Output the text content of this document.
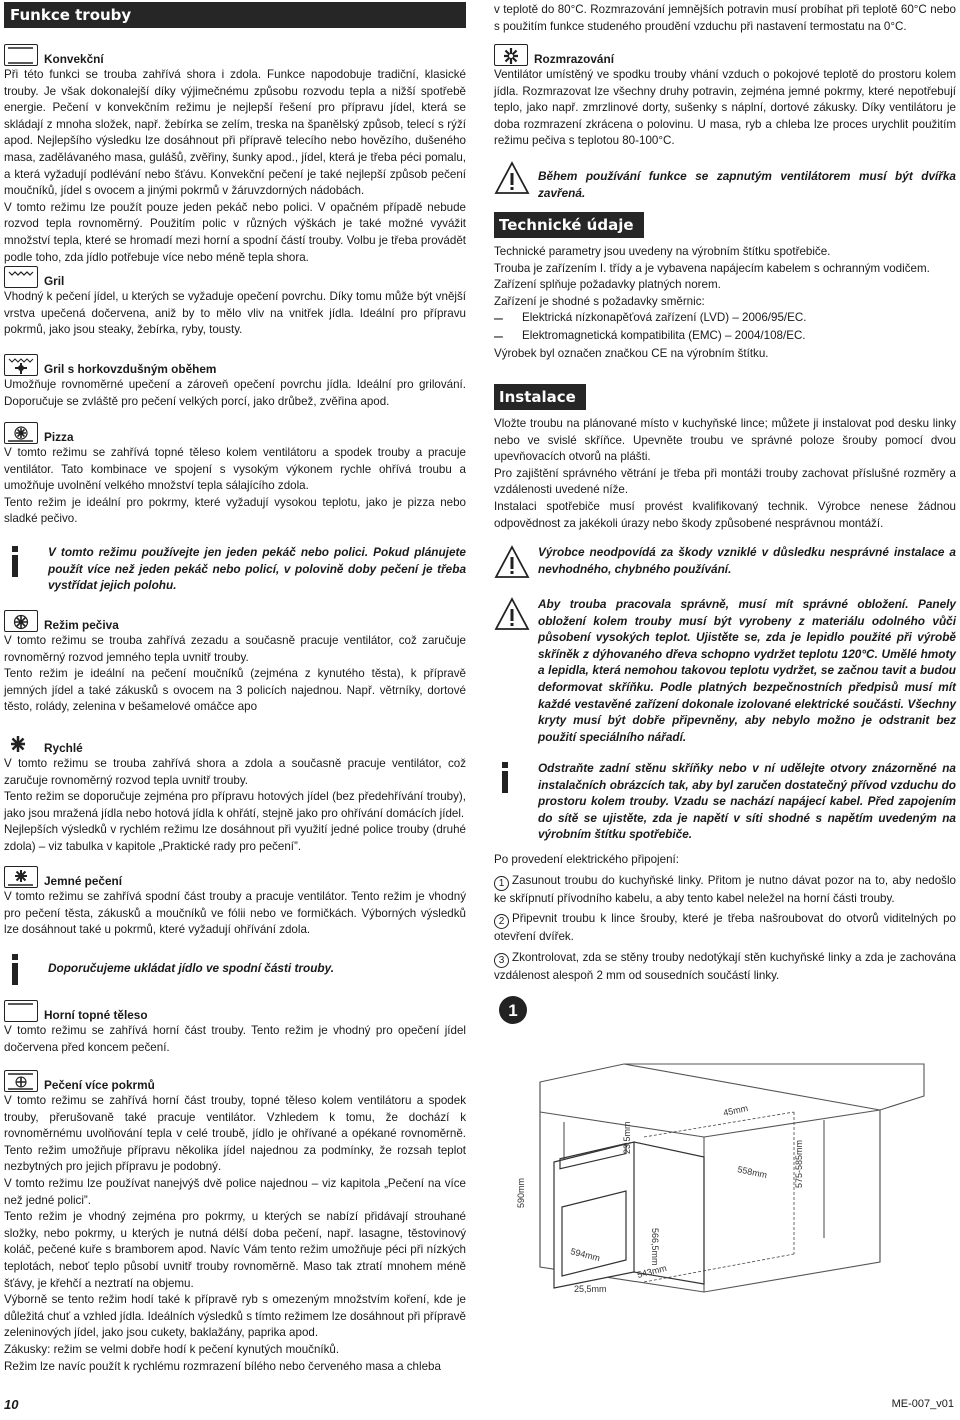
Funkce trouby
Konvekční

Při této funkci se trouba zahřívá shora i zdola. Funkce napodobuje tradiční, klasické trouby. Je však dokonalejší díky výjimečnému způsobu rozvodu tepla a nižší spotřebě energie. Pečení v konvekčním režimu je nejlepší řešení pro přípravu jídel, která se skládají z mnoha složek, např. žebírka se zelím, treska na španělský způsob, telecí s rýží apod. Nejlepšího výsledku lze dosáhnout při přípravě telecího nebo hovězího, dušeného masa, zadělávaného masa, gulášů, zvěřiny, šunky apod., jídel, která je třeba péci pomalu, a která vyžadují podlévání nebo šťávu. Konvekční pečení je také nejlepší způsob pečení moučníků, jídel s ovocem a jinými pokrmů v žáruvzdorných nádobách.

V tomto režimu lze použít pouze jeden pekáč nebo polici. V opačném případě nebude rozvod tepla rovnoměrný. Použitím polic v různých výškách je také možné vyvážit množství tepla, které se hromadí mezi horní a spodní částí trouby. Volbu je třeba provádět podle toho, zda jídlo potřebuje více nebo méně tepla shora.

Gril

Vhodný k pečení jídel, u kterých se vyžaduje opečení povrchu. Díky tomu může být vnější vrstva upečená dočervena, aniž by to mělo vliv na vnitřek jídla. Ideální pro přípravu pokrmů, jako jsou steaky, žebírka, ryby, tousty.

Gril s horkovzdušným oběhem

Umožňuje rovnoměrné upečení a zároveň opečení povrchu jídla. Ideální pro grilování. Doporučuje se zvláště pro pečení velkých porcí, jako drůbež, zvěřina apod.

Pizza

V tomto režimu se zahřívá topné těleso kolem ventilátoru a spodek trouby a pracuje ventilátor. Tato kombinace ve spojení s vysokým výkonem rychle ohřívá troubu a umožňuje uvolnění velkého množství tepla sálajícího zdola.

Tento režim je ideální pro pokrmy, které vyžadují vysokou teplotu, jako je pizza nebo sladké pečivo.

V tomto režimu používejte jen jeden pekáč nebo polici. Pokud plánujete použít více než jeden pekáč nebo policí, v polovině doby pečení je třeba vystřídat jejich polohu.

Režim pečiva

V tomto režimu se trouba zahřívá zezadu a současně pracuje ventilátor, což zaručuje rovnoměrný rozvod jemného tepla uvnitř trouby.

Tento režim je ideální na pečení moučníků (zejména z kynutého těsta), k přípravě jemných jídel a také zákusků s ovocem na 3 policích najednou. Např. větrníky, dortové těsto, rolády, zelenina v bešamelové omáčce apo

Rychlé

V tomto režimu se trouba zahřívá shora a zdola a současně pracuje ventilátor, což zaručuje rovnoměrný rozvod tepla uvnitř trouby.

Tento režim se doporučuje zejména pro přípravu hotových jídel (bez předehřívání trouby), jako jsou mražená jídla nebo hotová jídla k ohřátí, stejně jako pro ohřívání domácích jídel.

Nejlepších výsledků v rychlém režimu lze dosáhnout při využití jedné police trouby (druhé zdola) – viz tabulka v kapitole „Praktické rady pro pečení”.

Jemné pečení

V tomto režimu se zahřívá spodní část trouby a pracuje ventilátor. Tento režim je vhodný pro pečení těsta, zákusků a moučníků ve fólii nebo ve formičkách. Výborných výsledků lze dosáhnout také u pokrmů, které vyžadují ohřívání zdola.

Doporučujeme ukládat jídlo ve spodní části trouby.

Horní topné těleso

V tomto režimu se zahřívá horní část trouby. Tento režim je vhodný pro opečení jídel dočervena před koncem pečení.

Pečení více pokrmů

V tomto režimu se zahřívá horní část trouby, topné těleso kolem ventilátoru a spodek trouby, přerušovaně také pracuje ventilátor. Vzhledem k tomu, že dochází k rovnoměrnému uvolňování tepla v celé troubě, jídlo je ohřívané a opékané rovnoměrně. Tento režim umožňuje přípravu několika jídel najednou za podmínky, že rozsah teplot nezbytných pro jejich přípravu je podobný.

V tomto režimu lze používat nanejvýš dvě police najednou – viz kapitola „Pečení na více než jedné polici”.

Tento režim je vhodný zejména pro pokrmy, u kterých se nabízí přidávají strouhané složky, nebo pokrmy, u kterých je nutná délší doba pečení, např. lasagne, těstovinový koláč, pečené kuře s bramborem apod. Navíc Vám tento režim umožňuje péci při nízkých teplotách, neboť teplo působí uvnitř trouby rovnoměrně. Maso tak ztratí mnohem méně šťávy, je křehčí a neztratí na objemu.

Výborně se tento režim hodí také k přípravě ryb s omezeným množstvím koření, kde je důležitá chuť a vzhled jídla. Ideálních výsledků s tímto režimem lze dosáhnout při přípravě zeleninových jídel, jako jsou cukety, baklažány, paprika apod.

Zákusky: režim se velmi dobře hodí k pečení kynutých moučníků.

Režim lze navíc použít k rychlému rozmrazení bílého nebo červeného masa a chleba

v teplotě do 80°C. Rozmrazování jemnějších potravin musí probíhat při teplotě 60°C nebo s použitím funkce studeného proudění vzduchu při nastavení termostatu na 0°C.

Rozmrazování

Ventilátor umístěný ve spodku trouby vhání vzduch o pokojové teplotě do prostoru kolem jídla. Rozmrazovat lze všechny druhy potravin, zejména jemné pokrmy, které nepotřebují teplo, jako např. zmrzlinové dorty, sušenky s náplní, dortové zákusky. Díky ventilátoru je doba rozmrazení zkrácena o polovinu. U masa, ryb a chleba lze proces urychlit použitím režimu pečiva s teplotou 80-100°C.

Během používání funkce se zapnutým ventilátorem musí být dvířka zavřená.

Technické údaje

Technické parametry jsou uvedeny na výrobním štítku spotřebiče.

Trouba je zařízením I. třídy a je vybavena napájecím kabelem s ochranným vodičem.

Zařízení splňuje požadavky platných norem.

Zařízení je shodné s požadavky směrnic:

–	Elektrická nízkonapěťová zařízení (LVD) – 2006/95/EC.

–	Elektromagnetická kompatibilita (EMC) – 2004/108/EC.

Výrobek byl označen značkou CE na výrobním štítku.

Instalace

Vložte troubu na plánované místo v kuchyňské lince; můžete ji instalovat pod desku linky nebo ve svislé skříňce. Upevněte troubu ve správné poloze šrouby pomocí dvou upevňovacích otvorů na plášti.

Pro zajištění správného větrání je třeba při montáži trouby zachovat příslušné rozměry a vzdálenosti uvedené níže.

Instalaci spotřebiče musí provést kvalifikovaný technik. Výrobce nenese žádnou odpovědnost za jakékoli úrazy nebo škody způsobené nesprávnou montáží.

Výrobce neodpovídá za škody vzniklé v důsledku nesprávné instalace a nevhodného, chybného používání.

Aby trouba pracovala správně, musí mít správné obložení. Panely obložení kolem trouby musí být vyrobeny z materiálu odolného vůči působení vysokých teplot. Ujistěte se, zda je lepidlo použité při výrobě skříněk z dýhovaného dřeva schopno vydržet teplotu 120°C. Umělé hmoty a lepidla, která nemohou takovou teplotu vydržet, se začnou tavit a budou deformovat skříňku. Podle platných bezpečnostních předpisů musí mít každé vestavěné zařízení dokonale izolované elektrické součásti. Všechny kryty musí být dobře připevněny, aby nebylo možno je odstranit bez použití speciálního nářadí.

Odstraňte zadní stěnu skříňky nebo v ní udělejte otvory znázorněné na instalačních obrázcích tak, aby byl zaručen dostatečný přívod vzduchu do prostoru kolem trouby. Vzadu se nachází napájecí kabel. Před zapojením do sítě se ujistěte, zda je napětí v síti shodné s napětím uvedeným na výrobním štítku spotřebiče.

Po provedení elektrického připojení:

1 Zasunout troubu do kuchyňské linky. Přitom je nutno dávat pozor na to, aby nedošlo ke skřípnutí přívodního kabelu, a aby tento kabel neležel na horní části trouby.

2 Připevnit troubu k lince šrouby, které je třeba našroubovat do otvorů viditelných po otevření dvířek.

3 Zkontrolovat, zda se stěny trouby nedotýkají stěn kuchyňské linky a zda je zachována vzdálenost alespoň 2 mm od sousedních součástí linky.

1
590mm
23,5mm
566,5mm
45mm
558mm	575-585mm
594mm
543mm
25,5mm
10	ME-007_v01
